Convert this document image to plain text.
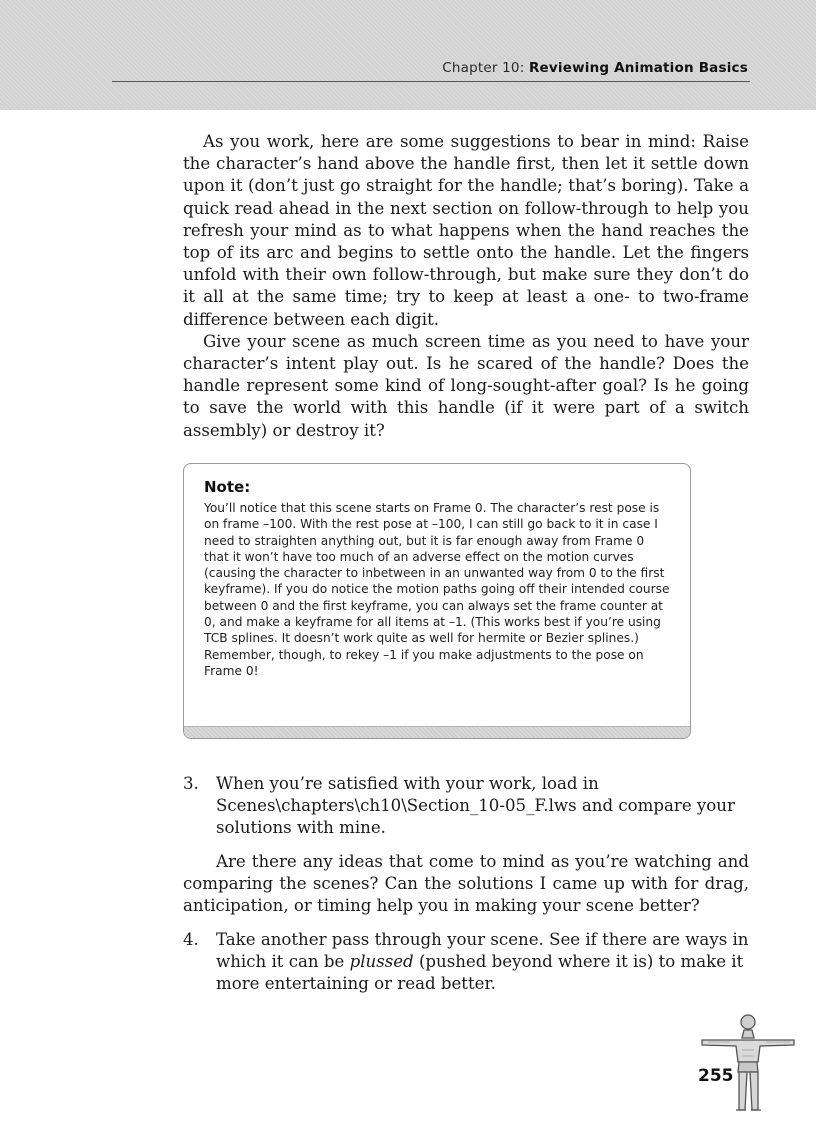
Chapter 10: Reviewing Animation Basics

As you work, here are some suggestions to bear in mind: Raise the character’s hand above the handle first, then let it settle down upon it (don’t just go straight for the handle; that’s boring). Take a quick read ahead in the next section on follow-through to help you refresh your mind as to what happens when the hand reaches the top of its arc and begins to settle onto the handle. Let the fingers unfold with their own follow-through, but make sure they don’t do it all at the same time; try to keep at least a one- to two-frame difference between each digit.

Give your scene as much screen time as you need to have your character’s intent play out. Is he scared of the handle? Does the handle represent some kind of long-sought-after goal? Is he going to save the world with this handle (if it were part of a switch assembly) or destroy it?

Note:
You’ll notice that this scene starts on Frame 0. The character’s rest pose is on frame –100. With the rest pose at –100, I can still go back to it in case I need to straighten anything out, but it is far enough away from Frame 0 that it won’t have too much of an adverse effect on the motion curves (causing the character to inbetween in an unwanted way from 0 to the first keyframe). If you do notice the motion paths going off their intended course between 0 and the first keyframe, you can always set the frame counter at 0, and make a keyframe for all items at –1. (This works best if you’re using TCB splines. It doesn’t work quite as well for hermite or Bezier splines.) Remember, though, to rekey –1 if you make adjustments to the pose on Frame 0!
3. When you’re satisfied with your work, load in Scenes\chapters\ch10\Section_10-05_F.lws and compare your solutions with mine.

Are there any ideas that come to mind as you’re watching and comparing the scenes? Can the solutions I came up with for drag, anticipation, or timing help you in making your scene better?

4. Take another pass through your scene. See if there are ways in which it can be plussed (pushed beyond where it is) to make it more entertaining or read better.
255
